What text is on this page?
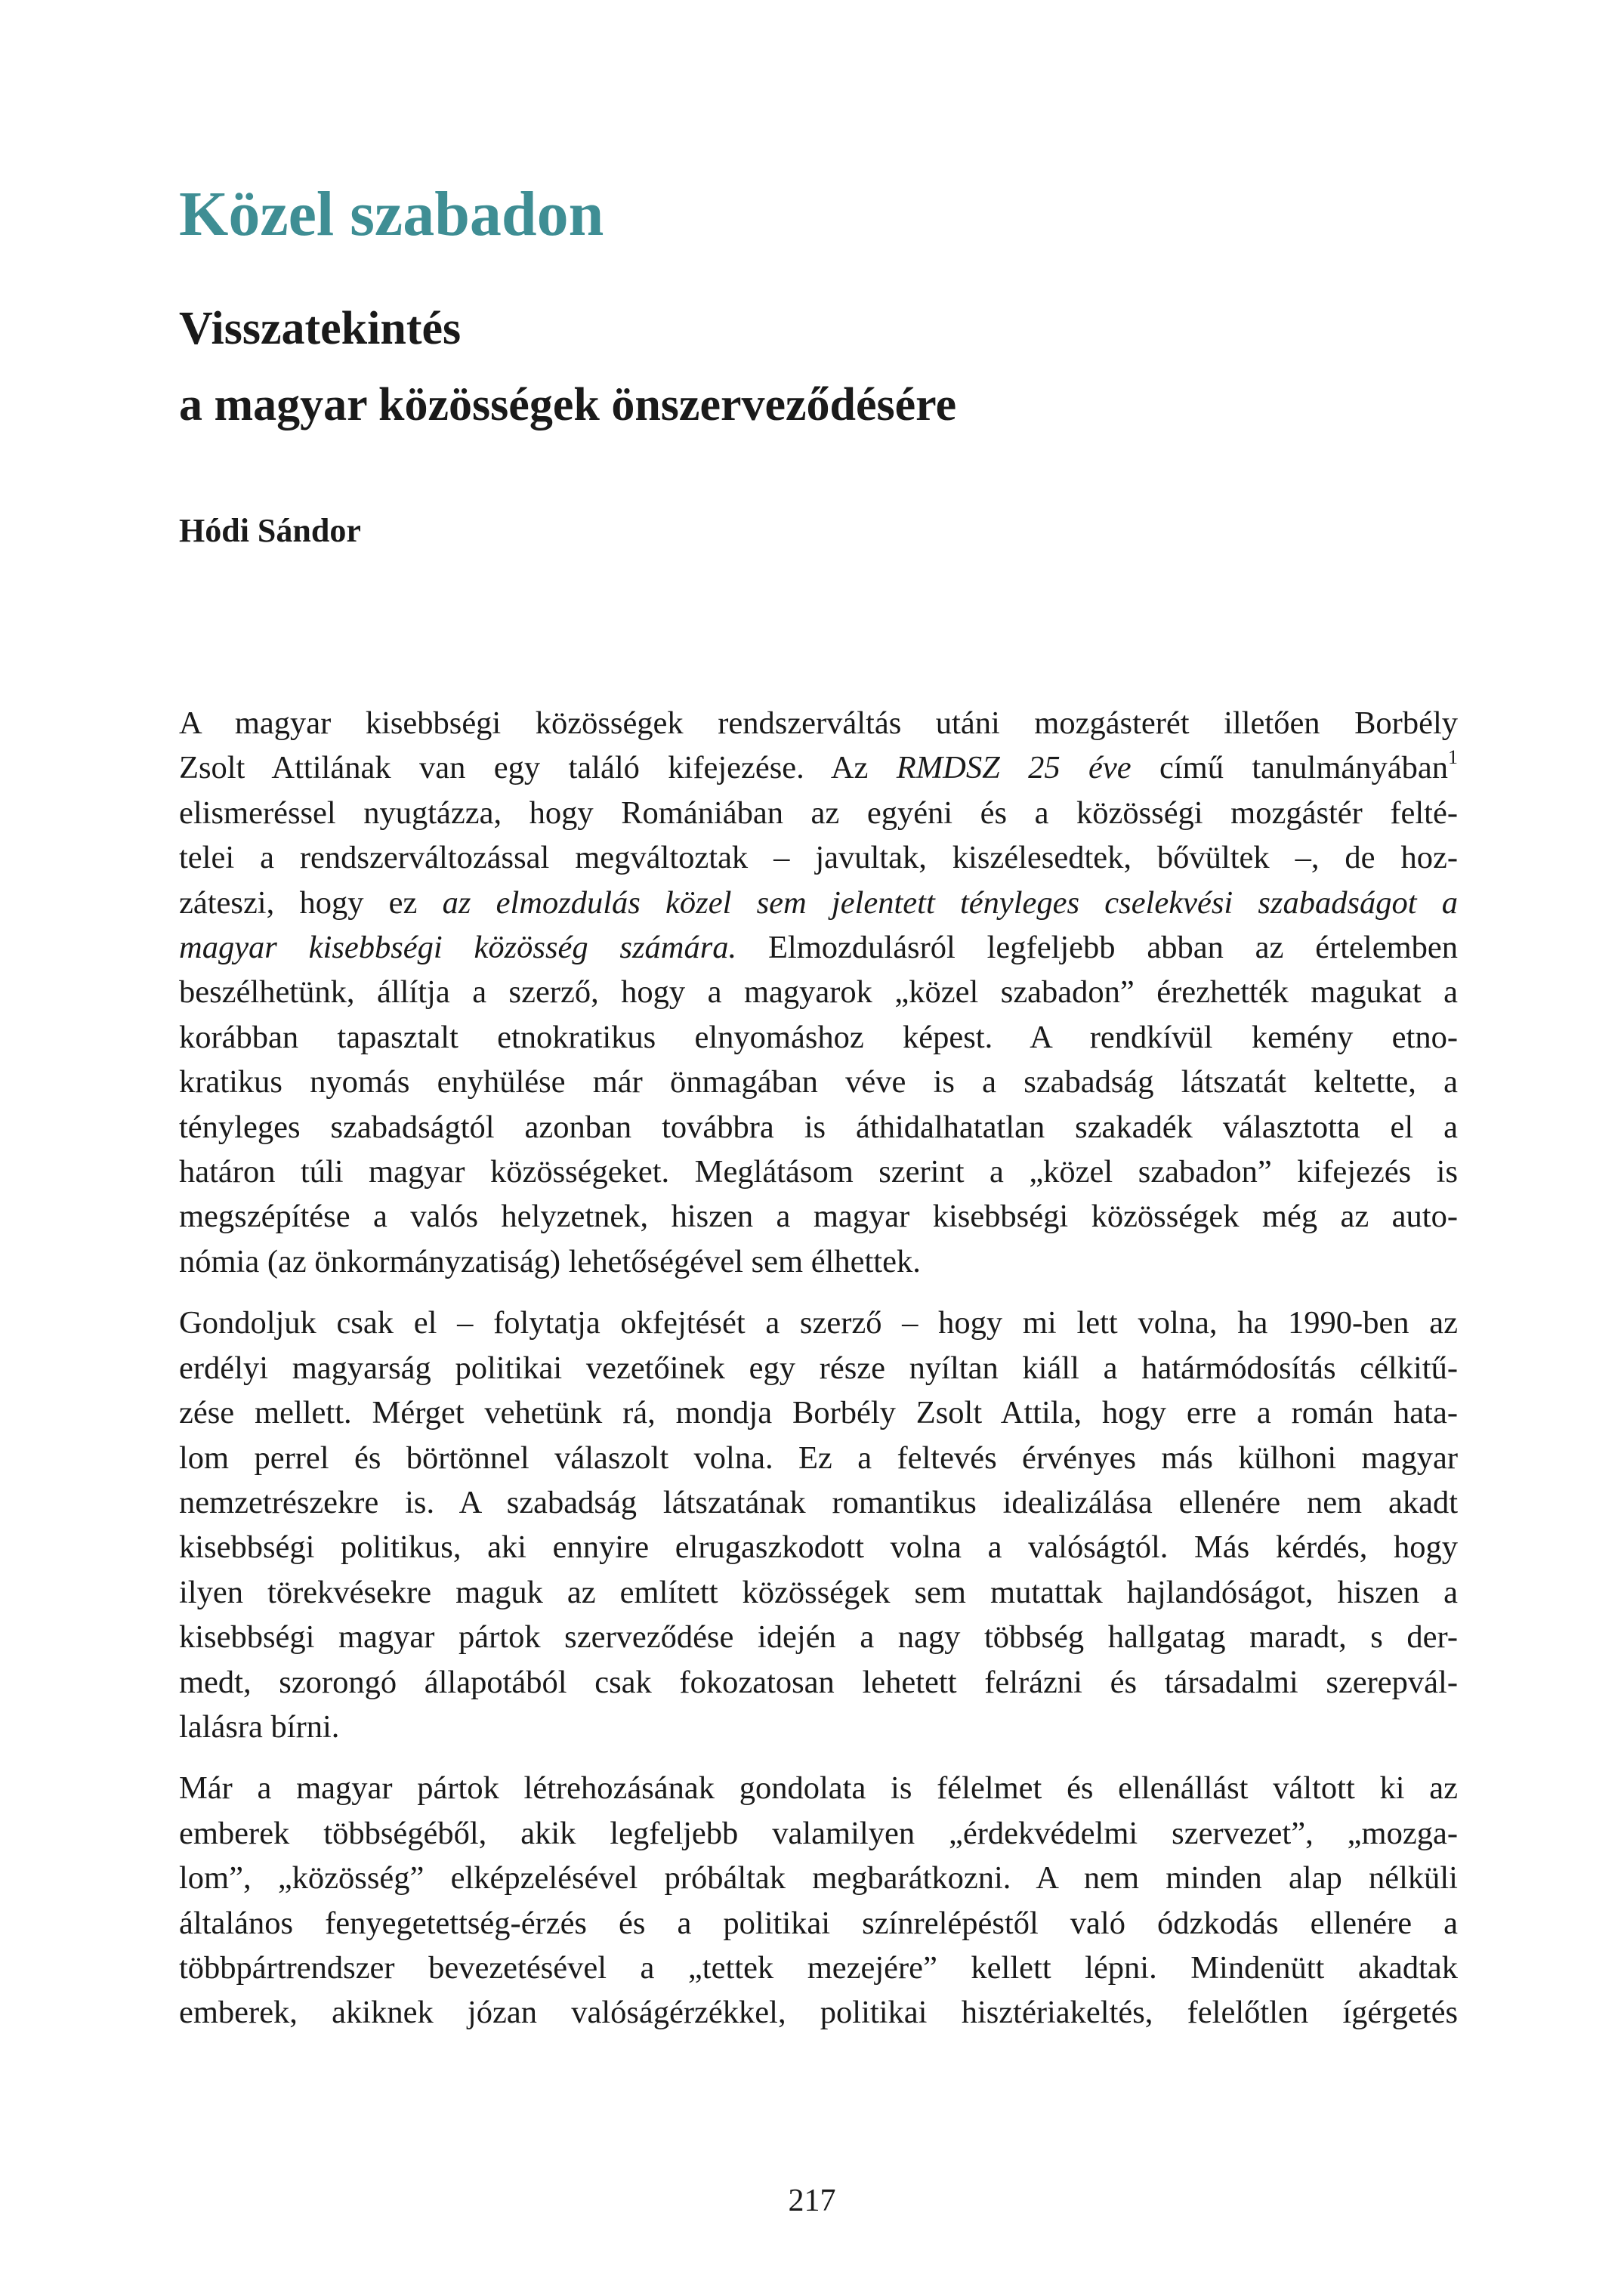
Közel szabadon
Visszatekintés
a magyar közösségek önszerveződésére
Hódi Sándor

A magyar kisebbségi közösségek rendszerváltás utáni mozgásterét illetően Borbély
Zsolt Attilának van egy találó kifejezése. Az RMDSZ 25 éve című tanulmányában$^1$
elismeréssel nyugtázza, hogy Romániában az egyéni és a közösségi mozgástér felté-
telei a rendszerváltozással megváltoztak – javultak, kiszélesedtek, bővültek –, de hoz-
záteszi, hogy ez az elmozdulás közel sem jelentett tényleges cselekvési szabadságot a
magyar kisebbségi közösség számára. Elmozdulásról legfeljebb abban az értelemben
beszélhetünk, állítja a szerző, hogy a magyarok „közel szabadon” érezhették magukat a
korábban tapasztalt etnokratikus elnyomáshoz képest. A rendkívül kemény etno-
kratikus nyomás enyhülése már önmagában véve is a szabadság látszatát keltette, a
tényleges szabadságtól azonban továbbra is áthidalhatatlan szakadék választotta el a
határon túli magyar közösségeket. Meglátásom szerint a „közel szabadon” kifejezés is
megszépítése a valós helyzetnek, hiszen a magyar kisebbségi közösségek még az auto-
nómia (az önkormányzatiság) lehetőségével sem élhettek.

Gondoljuk csak el – folytatja okfejtését a szerző – hogy mi lett volna, ha 1990-ben az
erdélyi magyarság politikai vezetőinek egy része nyíltan kiáll a határmódosítás célkitű-
zése mellett. Mérget vehetünk rá, mondja Borbély Zsolt Attila, hogy erre a román hata-
lom perrel és börtönnel válaszolt volna. Ez a feltevés érvényes más külhoni magyar
nemzetrészekre is. A szabadság látszatának romantikus idealizálása ellenére nem akadt
kisebbségi politikus, aki ennyire elrugaszkodott volna a valóságtól. Más kérdés, hogy
ilyen törekvésekre maguk az említett közösségek sem mutattak hajlandóságot, hiszen a
kisebbségi magyar pártok szerveződése idején a nagy többség hallgatag maradt, s der-
medt, szorongó állapotából csak fokozatosan lehetett felrázni és társadalmi szerepvál-
lalásra bírni.

Már a magyar pártok létrehozásának gondolata is félelmet és ellenállást váltott ki az
emberek többségéből, akik legfeljebb valamilyen „érdekvédelmi szervezet”, „mozga-
lom”, „közösség” elképzelésével próbáltak megbarátkozni. A nem minden alap nélküli
általános fenyegetettség-érzés és a politikai színrelépéstől való ódzkodás ellenére a
többpártrendszer bevezetésével a „tettek mezejére” kellett lépni. Mindenütt akadtak
emberek, akiknek józan valóságérzékkel, politikai hisztériakeltés, felelőtlen ígérgetés

217
